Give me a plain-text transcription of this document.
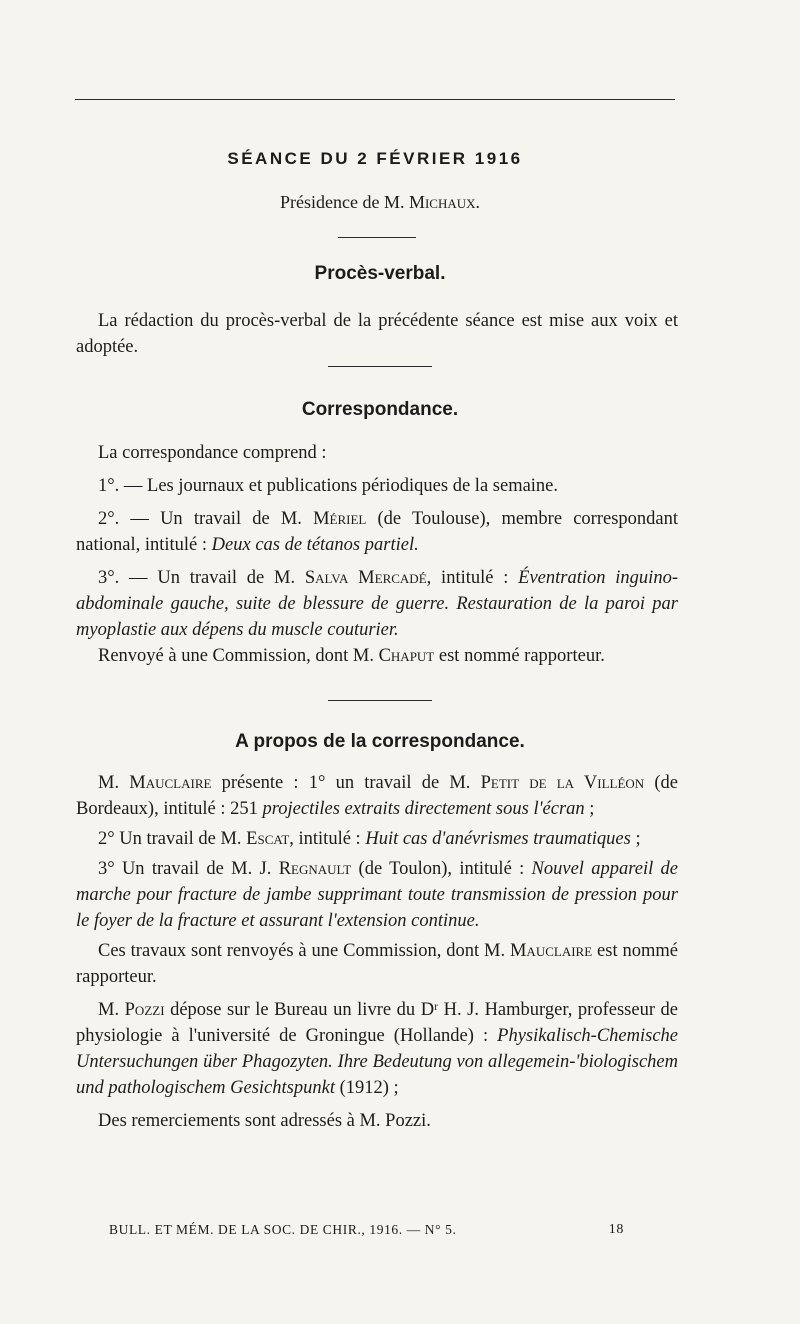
SÉANCE DU 2 FÉVRIER 1916
Présidence de M. Michaux.
Procès-verbal.

La rédaction du procès-verbal de la précédente séance est mise aux voix et adoptée.

Correspondance.

La correspondance comprend :

1°. — Les journaux et publications périodiques de la semaine.

2°. — Un travail de M. Mériel (de Toulouse), membre correspondant national, intitulé : Deux cas de tétanos partiel.

3°. — Un travail de M. Salva Mercadé, intitulé : Éventration inguino-abdominale gauche, suite de blessure de guerre. Restauration de la paroi par myoplastie aux dépens du muscle couturier.

Renvoyé à une Commission, dont M. Chaput est nommé rapporteur.

A propos de la correspondance.

M. Mauclaire présente : 1° un travail de M. Petit de la Villéon (de Bordeaux), intitulé : 251 projectiles extraits directement sous l'écran ;

2° Un travail de M. Escat, intitulé : Huit cas d'anévrismes traumatiques ;

3° Un travail de M. J. Regnault (de Toulon), intitulé : Nouvel appareil de marche pour fracture de jambe supprimant toute transmission de pression pour le foyer de la fracture et assurant l'extension continue.

Ces travaux sont renvoyés à une Commission, dont M. Mauclaire est nommé rapporteur.

M. Pozzi dépose sur le Bureau un livre du Dʳ H. J. Hamburger, professeur de physiologie à l'université de Groningue (Hollande) : Physikalisch-Chemische Untersuchungen über Phagozyten. Ihre Bedeutung von allegemein-'biologischem und pathologischem Gesichtspunkt (1912) ;

Des remerciements sont adressés à M. Pozzi.

BULL. ET MÉM. DE LA SOC. DE CHIR., 1916. — N° 5.	18
